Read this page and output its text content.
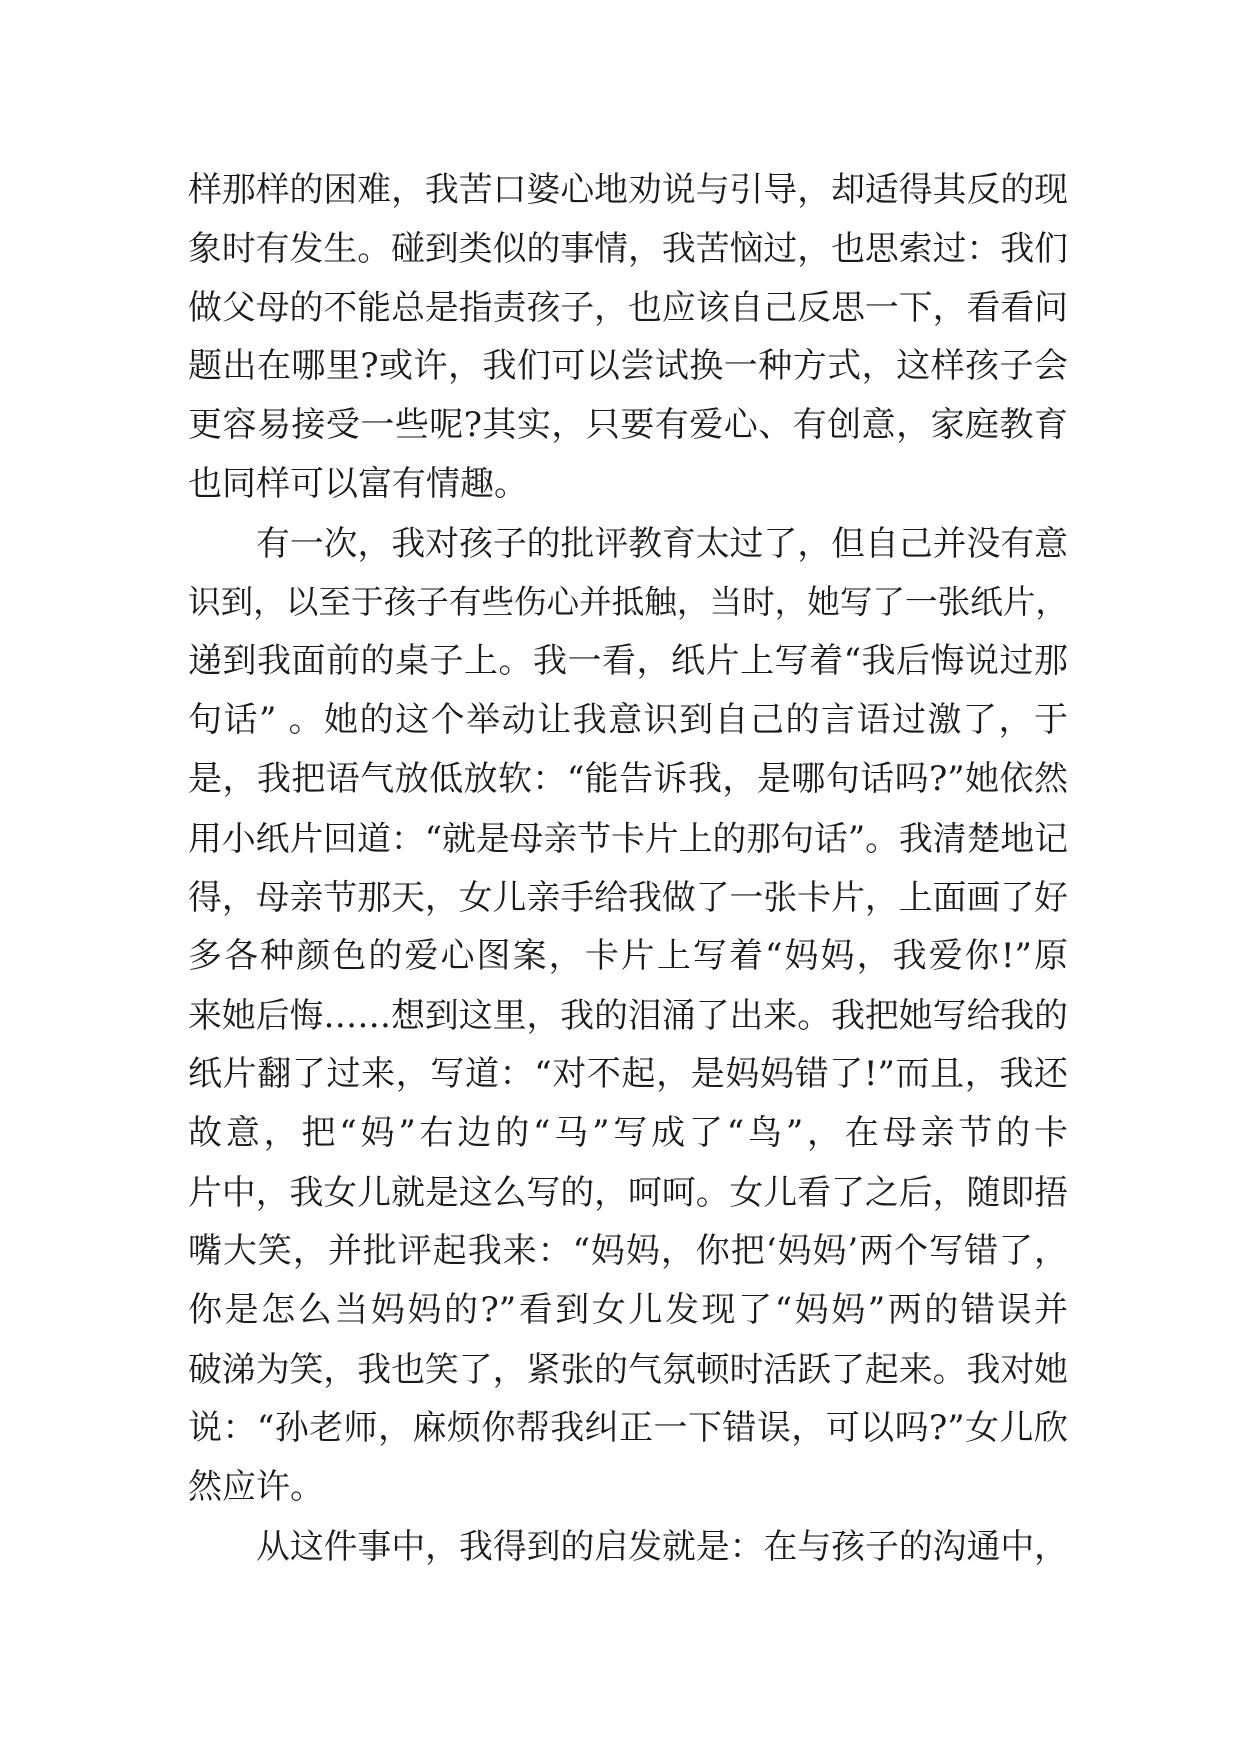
样那样的困难，我苦口婆心地劝说与引导，却适得其反的现
象时有发生。碰到类似的事情，我苦恼过，也思索过：我们
做父母的不能总是指责孩子，也应该自己反思一下，看看问
题出在哪里?或许，我们可以尝试换一种方式，这样孩子会
更容易接受一些呢?其实，只要有爱心、有创意，家庭教育
也同样可以富有情趣。
有一次，我对孩子的批评教育太过了，但自己并没有意
识到，以至于孩子有些伤心并抵触，当时，她写了一张纸片，
递到我面前的桌子上。我一看，纸片上写着“我后悔说过那
句话” 。她的这个举动让我意识到自己的言语过激了，于
是，我把语气放低放软：“能告诉我，是哪句话吗?”她依然
用小纸片回道：“就是母亲节卡片上的那句话”。我清楚地记
得，母亲节那天，女儿亲手给我做了一张卡片，上面画了好
多各种颜色的爱心图案，卡片上写着“妈妈，我爱你!”原
来她后悔……想到这里，我的泪涌了出来。我把她写给我的
纸片翻了过来，写道：“对不起，是妈妈错了!”而且，我还
故意，把“妈”右边的“马”写成了“鸟”，在母亲节的卡
片中，我女儿就是这么写的，呵呵。女儿看了之后，随即捂
嘴大笑，并批评起我来：“妈妈，你把‘妈妈’两个写错了，
你是怎么当妈妈的?”看到女儿发现了“妈妈”两的错误并
破涕为笑，我也笑了，紧张的气氛顿时活跃了起来。我对她
说：“孙老师，麻烦你帮我纠正一下错误，可以吗?”女儿欣
然应许。
从这件事中，我得到的启发就是：在与孩子的沟通中，
